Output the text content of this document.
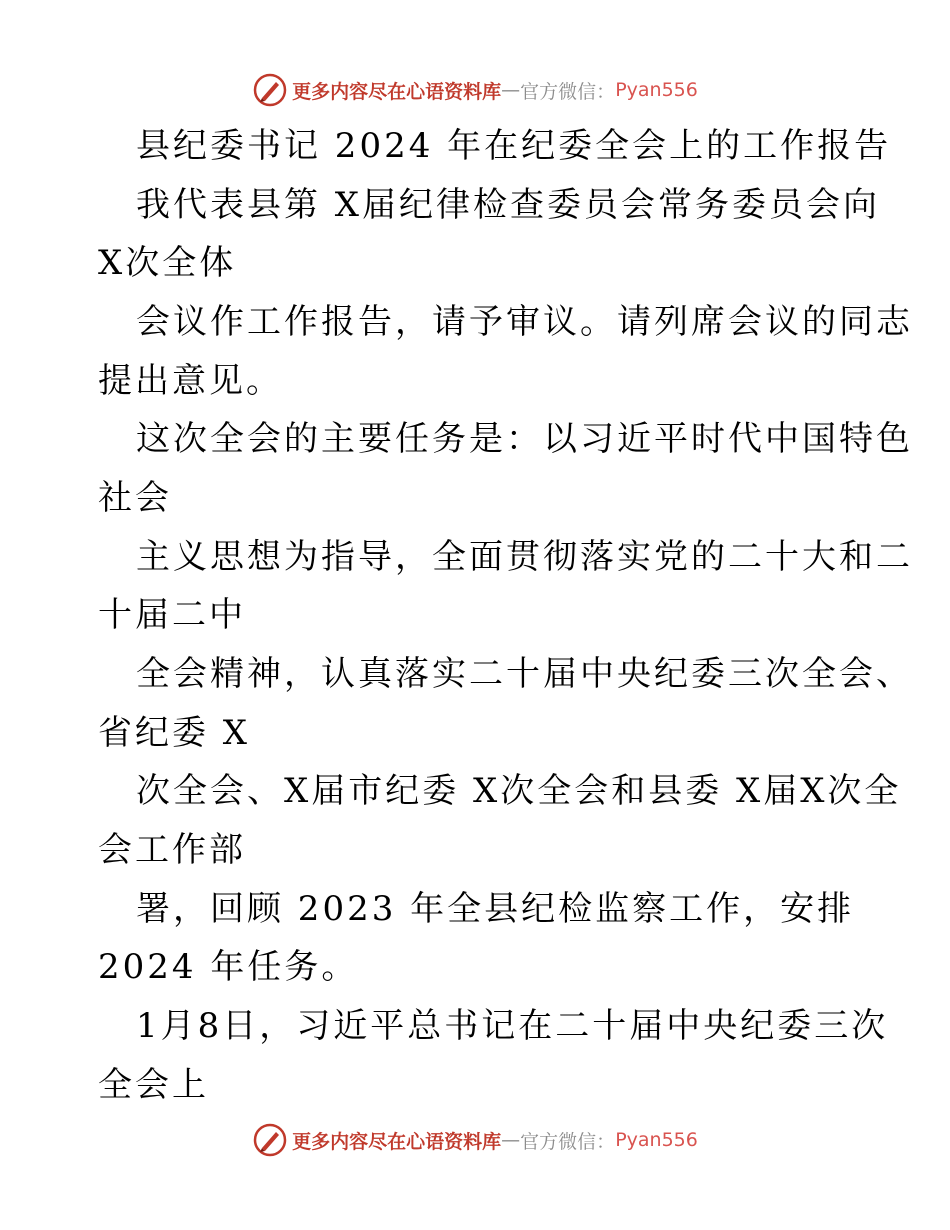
更多内容尽在心语资料库 — 官方微信： Pyan556
县纪委书记 2024 年在纪委全会上的工作报告
我代表县第 X届纪律检查委员会常务委员会向
X次全体
会议作工作报告，请予审议。请列席会议的同志
提出意见。
这次全会的主要任务是：以习近平时代中国特色
社会
主义思想为指导，全面贯彻落实党的二十大和二
十届二中
全会精神，认真落实二十届中央纪委三次全会、
省纪委 X
次全会、X届市纪委 X次全会和县委 X届X次全
会工作部
署，回顾 2023 年全县纪检监察工作，安排
2024 年任务。
1月8日，习近平总书记在二十届中央纪委三次
全会上
更多内容尽在心语资料库 — 官方微信： Pyan556
